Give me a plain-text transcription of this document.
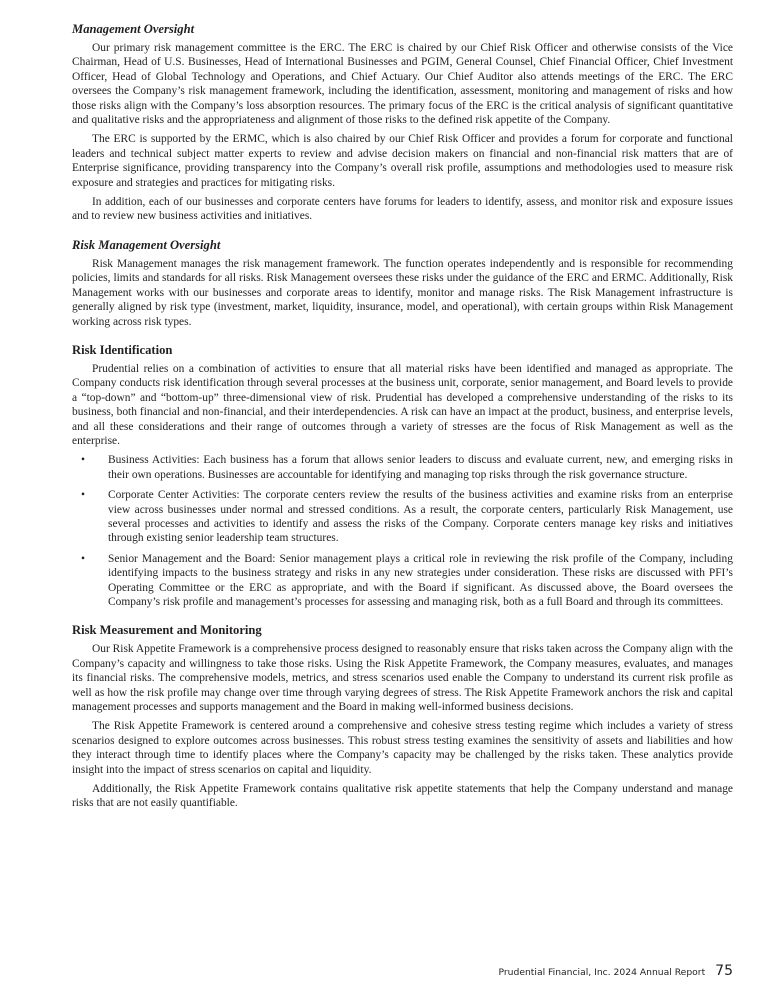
Management Oversight

Our primary risk management committee is the ERC. The ERC is chaired by our Chief Risk Officer and otherwise consists of the Vice Chairman, Head of U.S. Businesses, Head of International Businesses and PGIM, General Counsel, Chief Financial Officer, Chief Investment Officer, Head of Global Technology and Operations, and Chief Actuary. Our Chief Auditor also attends meetings of the ERC. The ERC oversees the Company’s risk management framework, including the identification, assessment, monitoring and management of risks and how those risks align with the Company’s loss absorption resources. The primary focus of the ERC is the critical analysis of significant quantitative and qualitative risks and the appropriateness and alignment of those risks to the defined risk appetite of the Company.

The ERC is supported by the ERMC, which is also chaired by our Chief Risk Officer and provides a forum for corporate and functional leaders and technical subject matter experts to review and advise decision makers on financial and non-financial risk matters that are of Enterprise significance, providing transparency into the Company’s overall risk profile, assumptions and methodologies used to measure risk exposure and strategies and practices for mitigating risks.

In addition, each of our businesses and corporate centers have forums for leaders to identify, assess, and monitor risk and exposure issues and to review new business activities and initiatives.

Risk Management Oversight

Risk Management manages the risk management framework. The function operates independently and is responsible for recommending policies, limits and standards for all risks. Risk Management oversees these risks under the guidance of the ERC and ERMC. Additionally, Risk Management works with our businesses and corporate areas to identify, monitor and manage risks. The Risk Management infrastructure is generally aligned by risk type (investment, market, liquidity, insurance, model, and operational), with certain groups within Risk Management working across risk types.

Risk Identification

Prudential relies on a combination of activities to ensure that all material risks have been identified and managed as appropriate. The Company conducts risk identification through several processes at the business unit, corporate, senior management, and Board levels to provide a “top-down” and “bottom-up” three-dimensional view of risk. Prudential has developed a comprehensive understanding of the risks to its business, both financial and non-financial, and their interdependencies. A risk can have an impact at the product, business, and enterprise levels, and all these considerations and their range of outcomes through a variety of stresses are the focus of Risk Management as well as the enterprise.

• Business Activities: Each business has a forum that allows senior leaders to discuss and evaluate current, new, and emerging risks in their own operations. Businesses are accountable for identifying and managing top risks through the risk governance structure.
• Corporate Center Activities: The corporate centers review the results of the business activities and examine risks from an enterprise view across businesses under normal and stressed conditions. As a result, the corporate centers, particularly Risk Management, use several processes and activities to identify and assess the risks of the Company. Corporate centers manage key risks and initiatives through existing senior leadership team structures.
• Senior Management and the Board: Senior management plays a critical role in reviewing the risk profile of the Company, including identifying impacts to the business strategy and risks in any new strategies under consideration. These risks are discussed with PFI’s Operating Committee or the ERC as appropriate, and with the Board if significant. As discussed above, the Board oversees the Company’s risk profile and management’s processes for assessing and managing risk, both as a full Board and through its committees.
Risk Measurement and Monitoring

Our Risk Appetite Framework is a comprehensive process designed to reasonably ensure that risks taken across the Company align with the Company’s capacity and willingness to take those risks. Using the Risk Appetite Framework, the Company measures, evaluates, and manages its financial risks. The comprehensive models, metrics, and stress scenarios used enable the Company to understand its current risk profile as well as how the risk profile may change over time through varying degrees of stress. The Risk Appetite Framework anchors the risk and capital management processes and supports management and the Board in making well-informed business decisions.

The Risk Appetite Framework is centered around a comprehensive and cohesive stress testing regime which includes a variety of stress scenarios designed to explore outcomes across businesses. This robust stress testing examines the sensitivity of assets and liabilities and how they interact through time to identify places where the Company’s capacity may be challenged by the risks taken. These analytics provide insight into the impact of stress scenarios on capital and liquidity.

Additionally, the Risk Appetite Framework contains qualitative risk appetite statements that help the Company understand and manage risks that are not easily quantifiable.

Prudential Financial, Inc. 2024 Annual Report 75
